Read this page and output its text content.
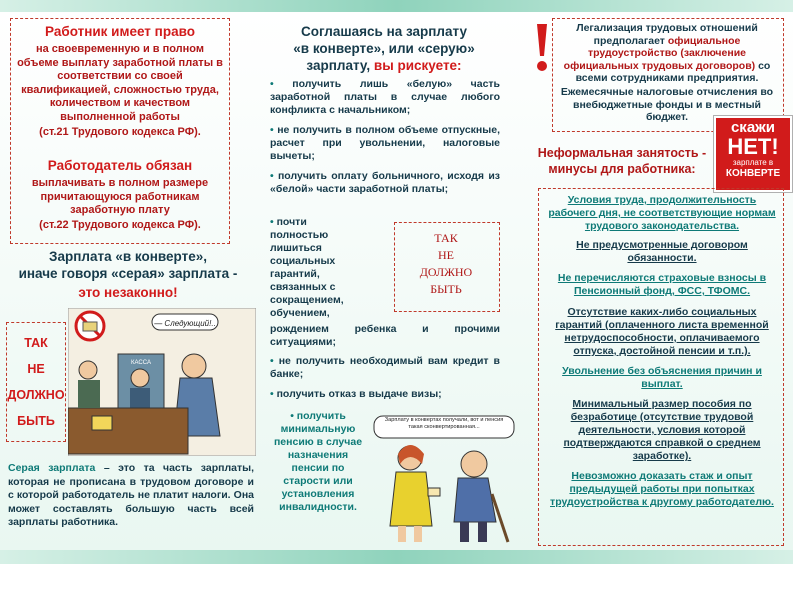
Работник имеет право
на своевременную и в полном объеме выплату заработной платы в соответствии со своей квалификацией, сложностью труда, количеством и качеством выполненной работы
(ст.21 Трудового кодекса РФ).
Работодатель обязан
выплачивать в полном размере причитающуюся работникам заработную плату
(ст.22 Трудового кодекса РФ).
Зарплата «в конверте»,
иначе говоря «серая» зарплата -
это незаконно!
ТАК
НЕ
ДОЛЖНО
БЫТЬ
— Следующий!..
КАССА
Серая зарплата – это та часть зарплаты, которая не прописана в трудовом договоре и с которой работодатель не платит налоги. Она может составлять большую часть всей зарплаты работника.
Соглашаясь на зарплату
«в конверте», или «серую»
зарплату, вы рискуете:
• получить лишь «белую» часть заработной платы в случае любого конфликта с начальником;
• не получить в полном объеме отпускные, расчет при увольнении, налоговые вычеты;
• получить оплату больничного, исходя из «белой» части заработной платы;
• почти полностью лишиться социальных гарантий, связанных с сокращением, обучением,
рождением ребенка и прочими ситуациями;
ТАК
НЕ
ДОЛЖНО
БЫТЬ
• не получить необходимый вам кредит в банке;
• получить отказ в выдаче визы;
• получить минимальную пенсию в случае назначения пенсии по старости или установления инвалидности.
Зарплату в конвертах получали, вот и пенсия такая сконвертированная...
Легализация трудовых отношений предполагает официальное трудоустройство (заключение официальных трудовых договоров) со всеми сотрудниками предприятия.
Ежемесячные налоговые отчисления во внебюджетные фонды и в местный бюджет.
скажи
НЕТ!
зарплате в
КОНВЕРТЕ
Неформальная занятость -
минусы для работника:
Условия труда, продолжительность рабочего дня, не соответствующие нормам трудового законодательства.
Не предусмотренные договором обязанности.
Не перечисляются страховые взносы в Пенсионный фонд, ФСС, ТФОМС.
Отсутствие каких-либо социальных гарантий (оплаченного листа временной нетрудоспособности, оплачиваемого отпуска, достойной пенсии и т.п.).
Увольнение без объяснения причин и выплат.
Минимальный размер пособия по безработице (отсутствие трудовой деятельности, условия которой подтверждаются справкой о среднем заработке).
Невозможно доказать стаж и опыт предыдущей работы при попытках трудоустройства к другому работодателю.
